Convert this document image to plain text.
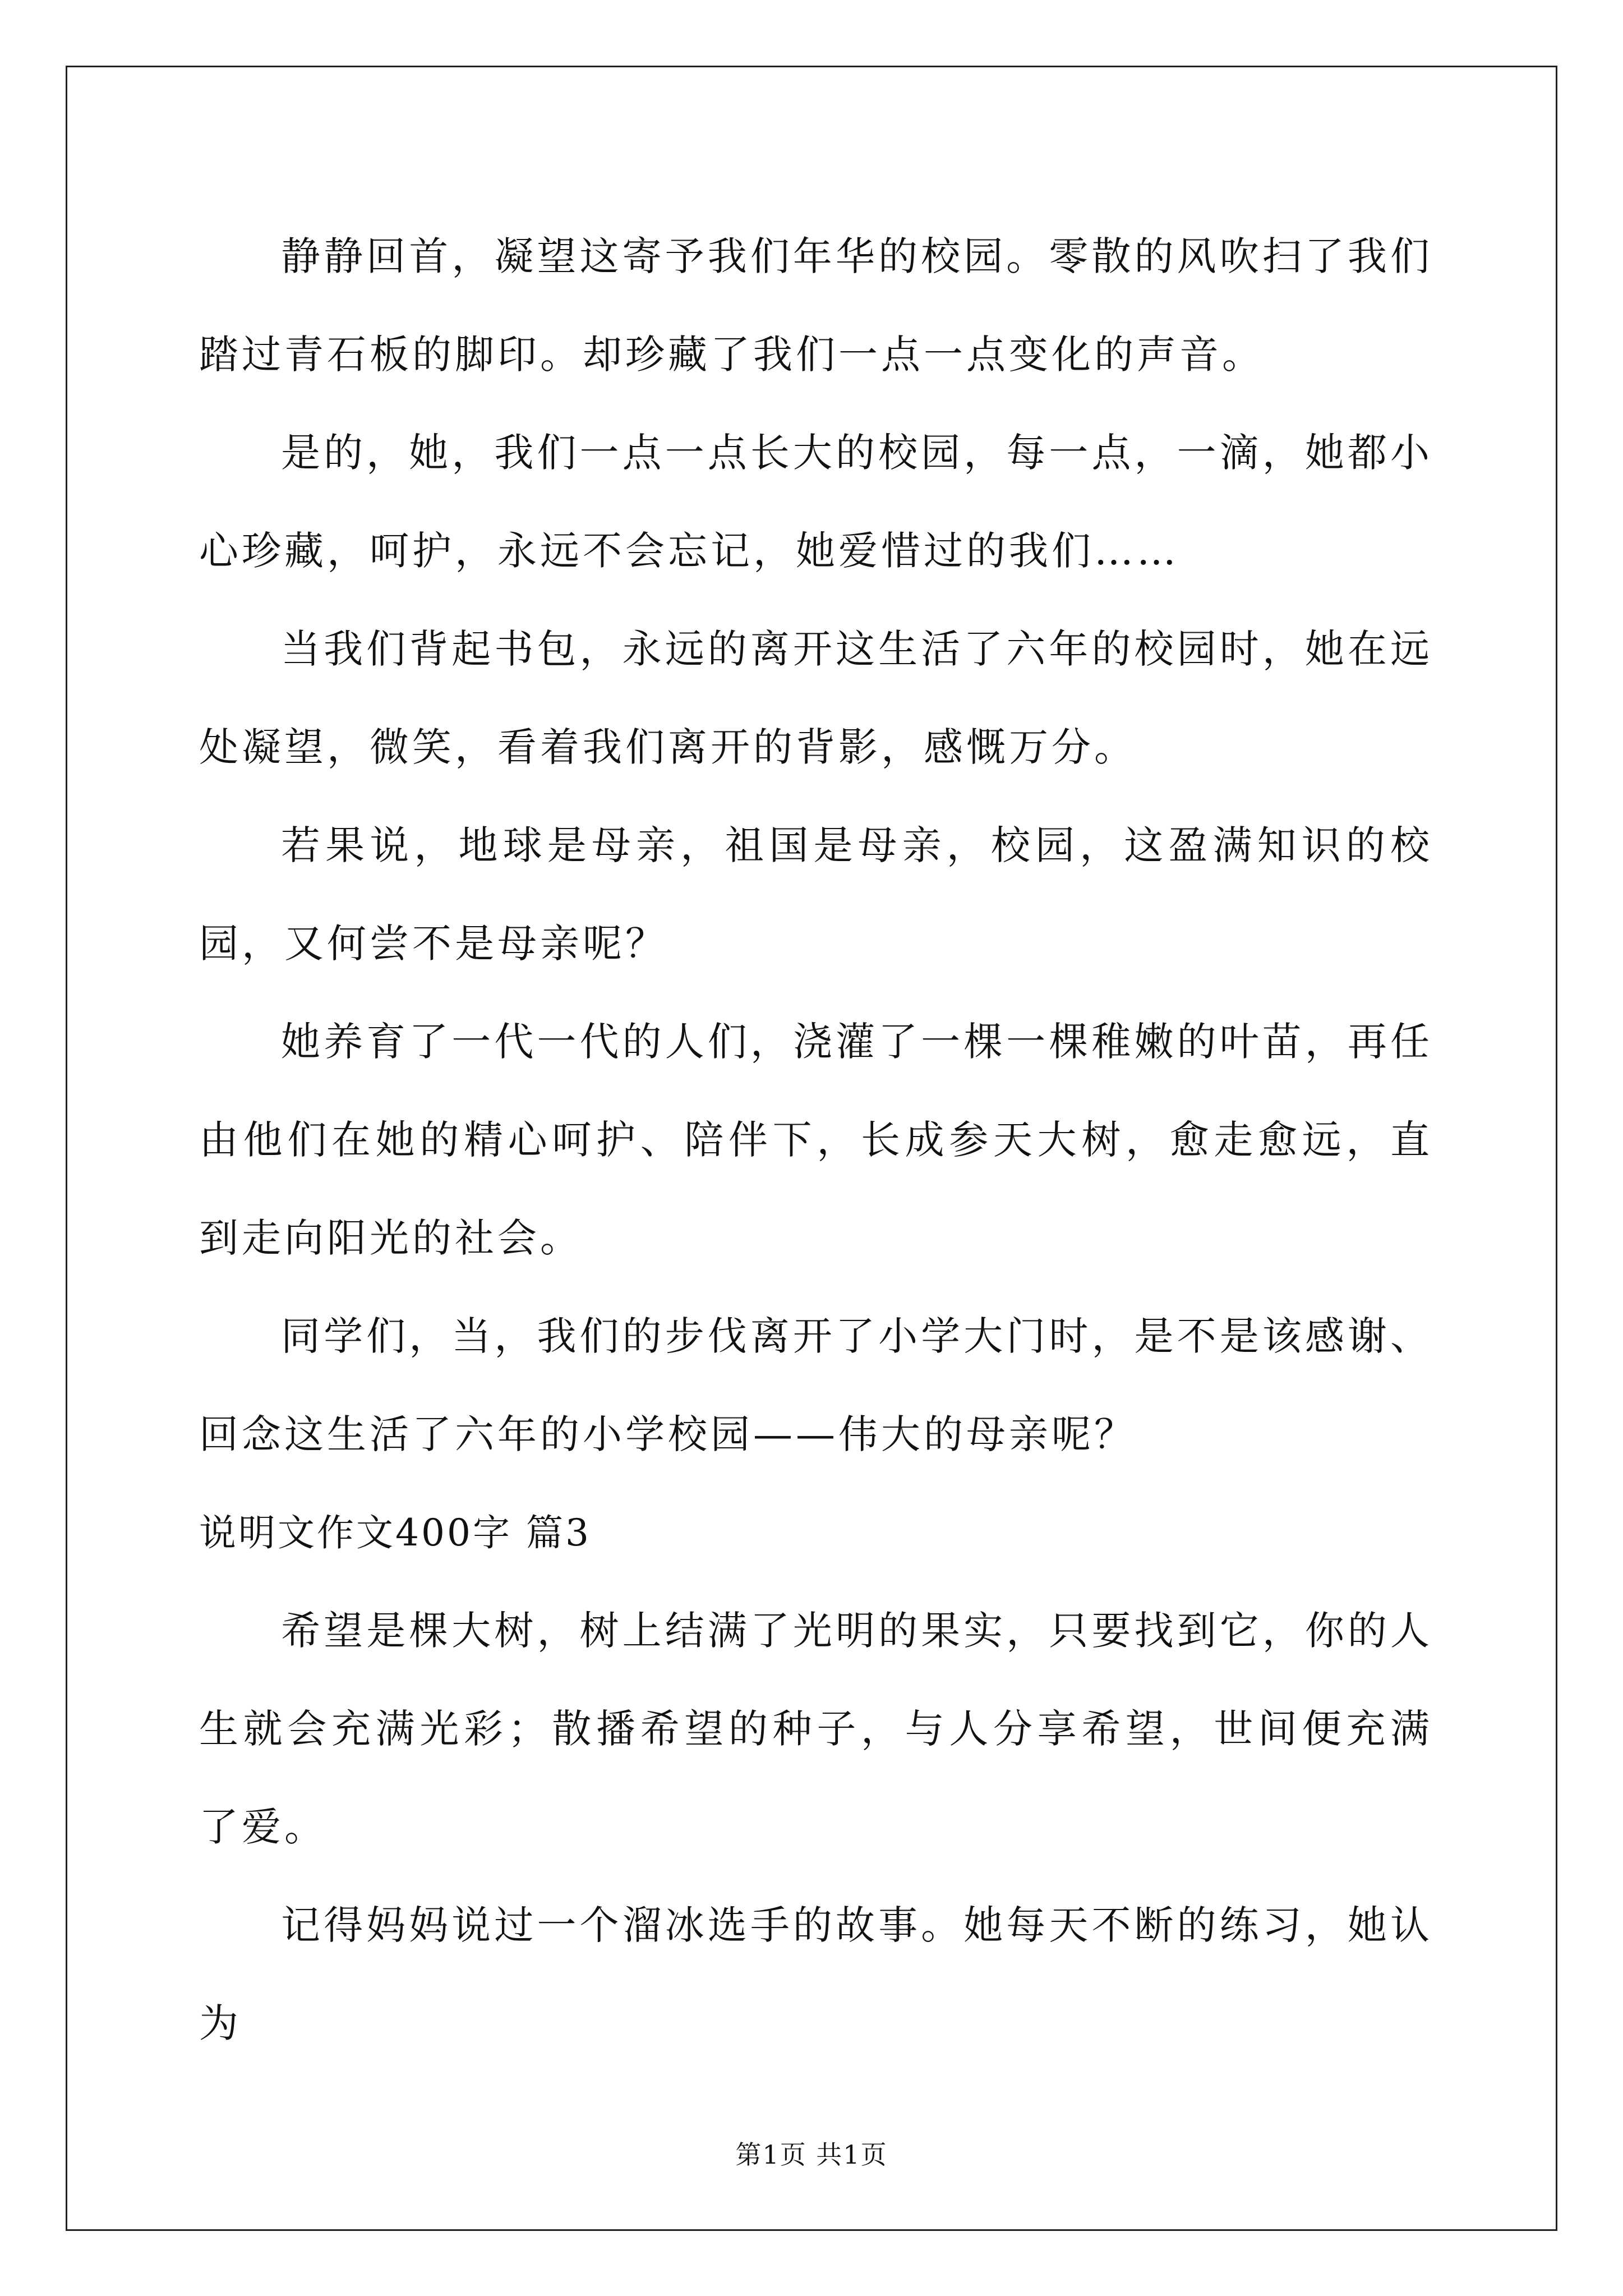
静静回首，凝望这寄予我们年华的校园。零散的风吹扫了我们踏过青石板的脚印。却珍藏了我们一点一点变化的声音。

是的，她，我们一点一点长大的校园，每一点，一滴，她都小心珍藏，呵护，永远不会忘记，她爱惜过的我们……

当我们背起书包，永远的离开这生活了六年的校园时，她在远处凝望，微笑，看着我们离开的背影，感慨万分。

若果说，地球是母亲，祖国是母亲，校园，这盈满知识的校园，又何尝不是母亲呢？

她养育了一代一代的人们，浇灌了一棵一棵稚嫩的叶苗，再任由他们在她的精心呵护、陪伴下，长成参天大树，愈走愈远，直到走向阳光的社会。

同学们，当，我们的步伐离开了小学大门时，是不是该感谢、回念这生活了六年的小学校园——伟大的母亲呢？

说明文作文400字 篇3

希望是棵大树，树上结满了光明的果实，只要找到它，你的人生就会充满光彩；散播希望的种子，与人分享希望，世间便充满了爱。

记得妈妈说过一个溜冰选手的故事。她每天不断的练习，她认为

第1页 共1页
